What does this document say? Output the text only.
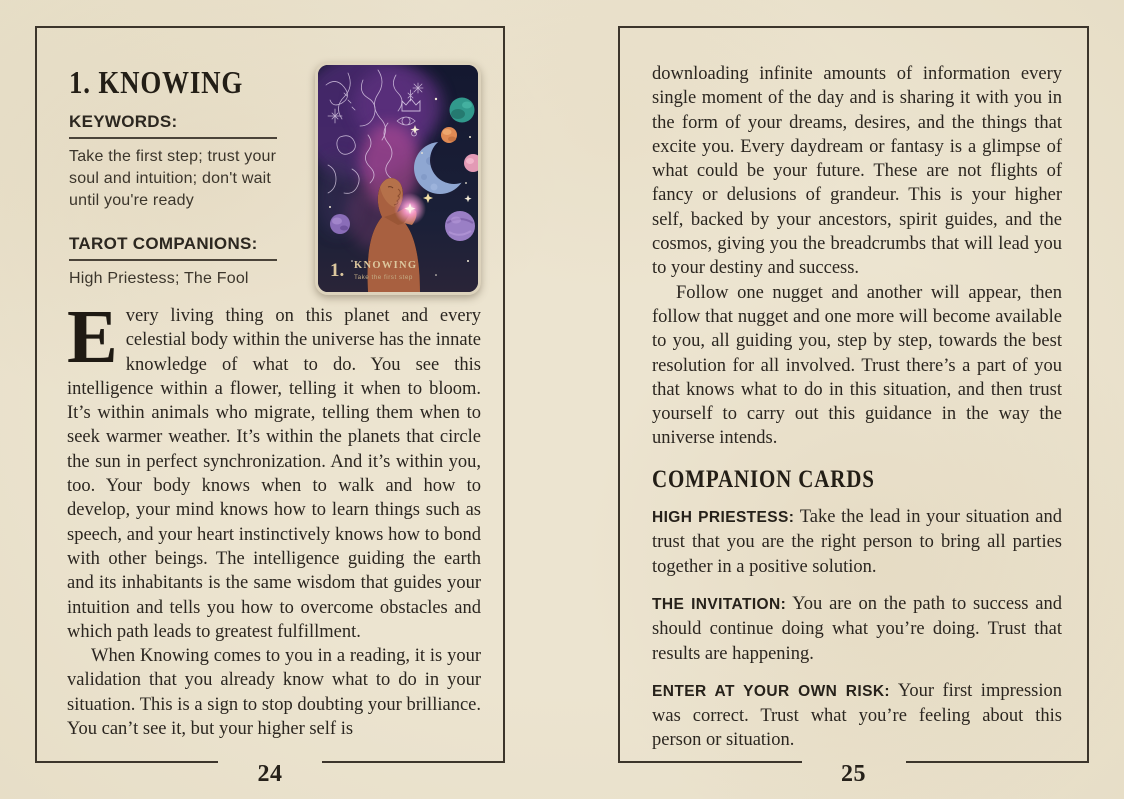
24
1. KNOWING
KEYWORDS:
Take the first step; trust your soul and intuition; don't wait until you're ready
TAROT COMPANIONS:
High Priestess; The Fool	1. KNOWING
Take the first step

Every living thing on this planet and every celestial body within the universe has the innate knowledge of what to do. You see this intelligence within a flower, telling it when to bloom. It’s within animals who migrate, telling them when to seek warmer weather. It’s within the planets that circle the sun in perfect synchronization. And it’s within you, too. Your body knows when to walk and how to develop, your mind knows how to learn things such as speech, and your heart instinctively knows how to bond with other beings. The intelligence guiding the earth and its inhabitants is the same wisdom that guides your intuition and tells you how to overcome obstacles and which path leads to greatest fulfillment.

When Knowing comes to you in a reading, it is your validation that you already know what to do in your situation. This is a sign to stop doubting your brilliance. You can’t see it, but your higher self is

25

downloading infinite amounts of information every single moment of the day and is sharing it with you in the form of your dreams, desires, and the things that excite you. Every daydream or fantasy is a glimpse of what could be your future. These are not flights of fancy or delusions of grandeur. This is your higher self, backed by your ancestors, spirit guides, and the cosmos, giving you the breadcrumbs that will lead you to your destiny and success.

Follow one nugget and another will appear, then follow that nugget and one more will become available to you, all guiding you, step by step, towards the best resolution for all involved. Trust there’s a part of you that knows what to do in this situation, and then trust yourself to carry out this guidance in the way the universe intends.

COMPANION CARDS

HIGH PRIESTESS: Take the lead in your situation and trust that you are the right person to bring all parties together in a positive solution.

THE INVITATION: You are on the path to success and should continue doing what you’re doing. Trust that results are happening.

ENTER AT YOUR OWN RISK: Your first impression was correct. Trust what you’re feeling about this person or situation.
